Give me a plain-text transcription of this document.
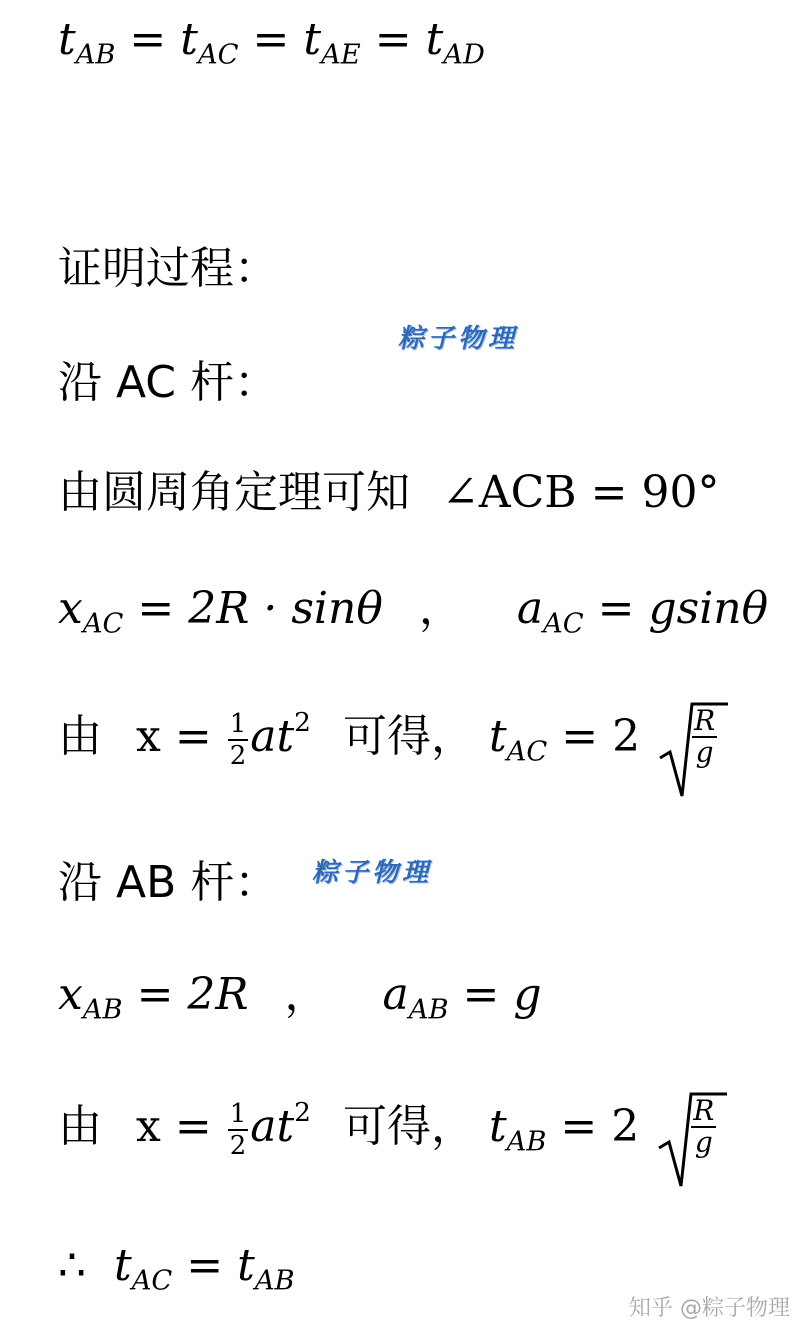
$t_{AB} = t_{AC} = t_{AE} = t_{AD}$
证明过程：
粽子物理
沿 AC 杆：
由圆周角定理可知 ∠ACB = 90°
$x_{AC} = 2R \cdot \sin\theta$ ， $a_{AC} = gsin\theta$
由 $x = \frac{1}{2} at^2$ 可得， $t_{AC} = 2 \frac{R}{g}$
粽子物理
沿 AB 杆：
$x_{AB} = 2R$ ， $a_{AB} = g$
由 $x = \frac{1}{2} at^2$ 可得， $t_{AB} = 2 \frac{R}{g}$
∴ $t_{AC} = t_{AB}$
知乎 @粽子物理
